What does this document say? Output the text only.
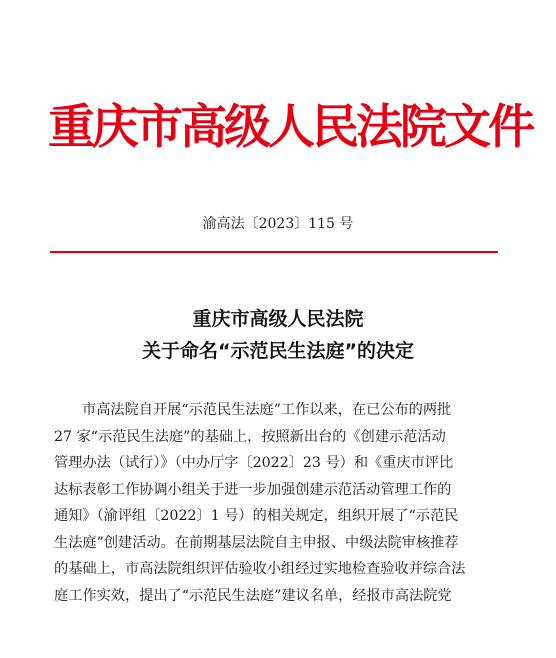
重庆市高级人民法院文件
渝高法〔2023〕115 号
重庆市高级人民法院
关于命名“示范民生法庭”的决定
市高法院自开展“示范民生法庭”工作以来，在已公布的两批
27 家“示范民生法庭”的基础上，按照新出台的《创建示范活动
管理办法（试行）》（中办厅字〔2022〕23 号）和《重庆市评比
达标表彰工作协调小组关于进一步加强创建示范活动管理工作的
通知》（渝评组〔2022〕1 号）的相关规定，组织开展了“示范民
生法庭”创建活动。在前期基层法院自主申报、中级法院审核推荐
的基础上，市高法院组织评估验收小组经过实地检查验收并综合法
庭工作实效，提出了“示范民生法庭”建议名单，经报市高法院党
